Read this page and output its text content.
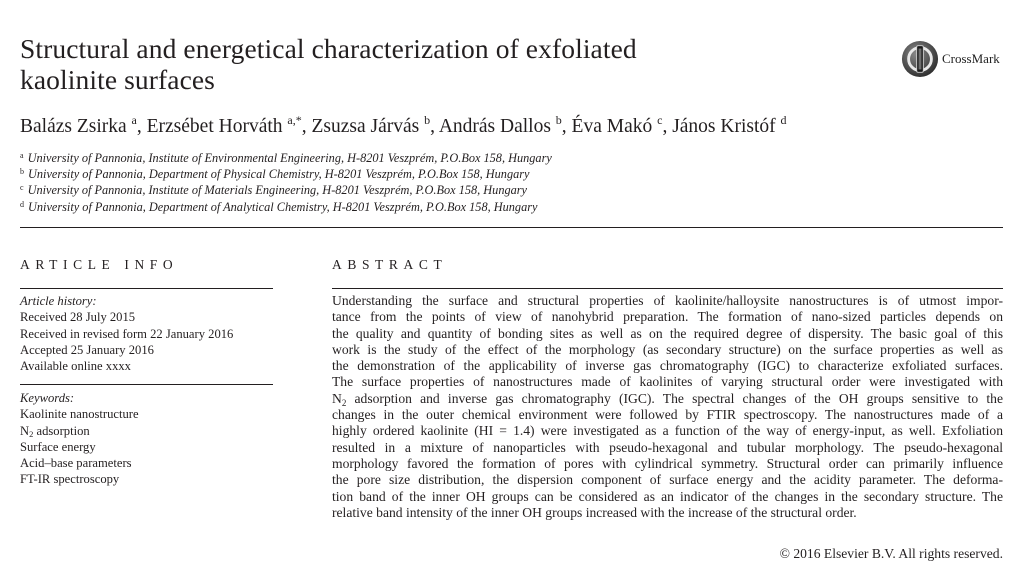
Structural and energetical characterization of exfoliated
kaolinite surfaces
CrossMark
Balázs Zsirka $^a$, Erzsébet Horváth $^{a,*}$, Zsuzsa Járvás $^b$, András Dallos $^b$, Éva Makó $^c$, János Kristóf $^d$
$^a$ University of Pannonia, Institute of Environmental Engineering, H-8201 Veszprém, P.O.Box 158, Hungary
$^b$ University of Pannonia, Department of Physical Chemistry, H-8201 Veszprém, P.O.Box 158, Hungary
$^c$ University of Pannonia, Institute of Materials Engineering, H-8201 Veszprém, P.O.Box 158, Hungary
$^d$ University of Pannonia, Department of Analytical Chemistry, H-8201 Veszprém, P.O.Box 158, Hungary
ARTICLE INFO	ABSTRACT
Article history:
Received 28 July 2015
Received in revised form 22 January 2016
Accepted 25 January 2016
Available online xxxx
Keywords:
Kaolinite nanostructure
$N_2$ adsorption
Surface energy
Acid–base parameters
FT-IR spectroscopy
Understanding the surface and structural properties of kaolinite/halloysite nanostructures is of utmost impor-
tance from the points of view of nanohybrid preparation. The formation of nano-sized particles depends on
the quality and quantity of bonding sites as well as on the required degree of dispersity. The basic goal of this
work is the study of the effect of the morphology (as secondary structure) on the surface properties as well as
the demonstration of the applicability of inverse gas chromatography (IGC) to characterize exfoliated surfaces.
The surface properties of nanostructures made of kaolinites of varying structural order were investigated with
$N_2$ adsorption and inverse gas chromatography (IGC). The spectral changes of the OH groups sensitive to the
changes in the outer chemical environment were followed by FTIR spectroscopy. The nanostructures made of a
highly ordered kaolinite (HI = 1.4) were investigated as a function of the way of energy-input, as well. Exfoliation
resulted in a mixture of nanoparticles with pseudo-hexagonal and tubular morphology. The pseudo-hexagonal
morphology favored the formation of pores with cylindrical symmetry. Structural order can primarily influence
the pore size distribution, the dispersion component of surface energy and the acidity parameter. The deforma-
tion band of the inner OH groups can be considered as an indicator of the changes in the secondary structure. The
relative band intensity of the inner OH groups increased with the increase of the structural order.
© 2016 Elsevier B.V. All rights reserved.
